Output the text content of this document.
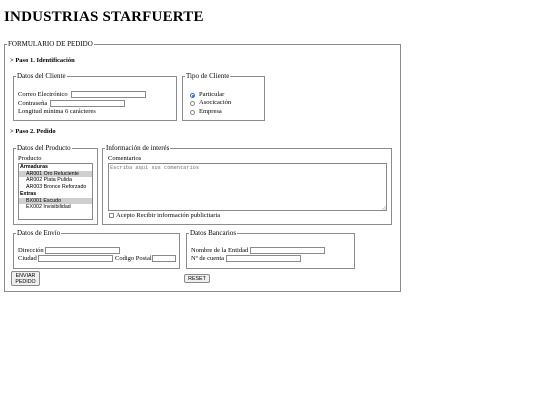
INDUSTRIAS STARFUERTE
FORMULARIO DE PEDIDO
> Paso 1. Identificación
Datos del Cliente
Correo Electrónico
Contraseña
Longitud mínima 6 carácteres
Tipo de Cliente
Particular
Asocicación
Empresa
> Paso 2. Pedido
Datos del Producto
Producto
Armaduras
AR001 Oro Reluciente
AR002 Plata Pulida
AR003 Bronce Reforzado
Extras
BX001 Escudo
EX002 Invisibilidad
Información de interés
Comentarios
Escriba aquí sus comentarios
Acepto Recibir información publicitaria
Datos de Envío
Dirección
Ciudad	Codigo Postal
Datos Bancarios
Nombre de la Entidad
Nº de cuenta
ENVIAR
PEDIDO	RESET
